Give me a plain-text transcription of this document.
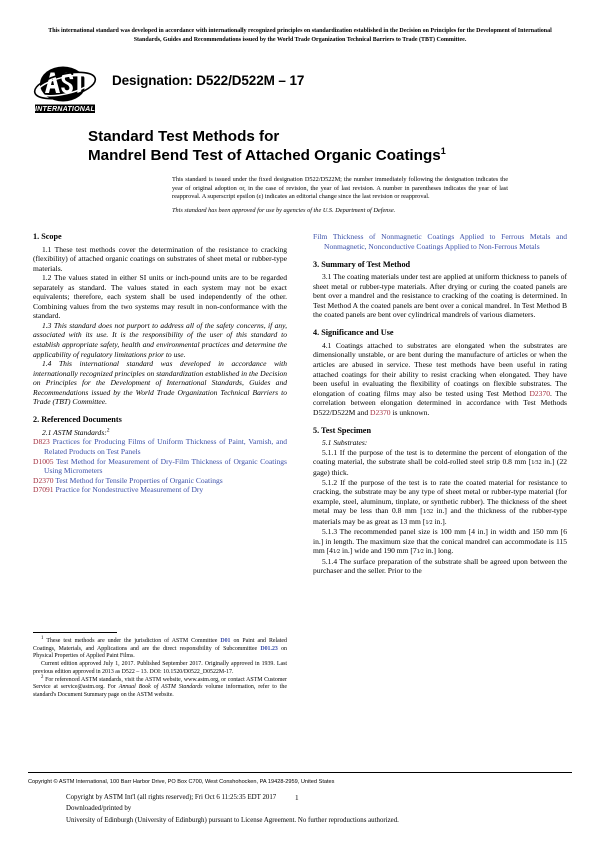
This international standard was developed in accordance with internationally recognized principles on standardization established in the Decision on Principles for the Development of International Standards, Guides and Recommendations issued by the World Trade Organization Technical Barriers to Trade (TBT) Committee.
INTERNATIONAL
Designation: D522/D522M – 17
Standard Test Methods for
Mandrel Bend Test of Attached Organic Coatings$^1$
This standard is issued under the fixed designation D522/D522M; the number immediately following the designation indicates the year of original adoption or, in the case of revision, the year of last revision. A number in parentheses indicates the year of last reapproval. A superscript epsilon (ε) indicates an editorial change since the last revision or reapproval.
This standard has been approved for use by agencies of the U.S. Department of Defense.
1. Scope

1.1 These test methods cover the determination of the resistance to cracking (flexibility) of attached organic coatings on substrates of sheet metal or rubber-type materials.

1.2 The values stated in either SI units or inch-pound units are to be regarded separately as standard. The values stated in each system may not be exact equivalents; therefore, each system shall be used independently of the other. Combining values from the two systems may result in non-conformance with the standard.

1.3 This standard does not purport to address all of the safety concerns, if any, associated with its use. It is the responsibility of the user of this standard to establish appropriate safety, health and environmental practices and determine the applicability of regulatory limitations prior to use.

1.4 This international standard was developed in accordance with internationally recognized principles on standardization established in the Decision on Principles for the Development of International Standards, Guides and Recommendations issued by the World Trade Organization Technical Barriers to Trade (TBT) Committee.

2. Referenced Documents

2.1 ASTM Standards:$^2$

D823 Practices for Producing Films of Uniform Thickness of Paint, Varnish, and Related Products on Test Panels

D1005 Test Method for Measurement of Dry-Film Thickness of Organic Coatings Using Micrometers

D2370 Test Method for Tensile Properties of Organic Coatings

D7091 Practice for Nondestructive Measurement of Dry

$^1$ These test methods are under the jurisdiction of ASTM Committee D01 on Paint and Related Coatings, Materials, and Applications and are the direct responsibility of Subcommittee D01.23 on Physical Properties of Applied Paint Films.

Current edition approved July 1, 2017. Published September 2017. Originally approved in 1939. Last previous edition approved in 2013 as D522 – 13. DOI: 10.1520/D0522_D0522M-17.

$^2$ For referenced ASTM standards, visit the ASTM website, www.astm.org, or contact ASTM Customer Service at service@astm.org. For Annual Book of ASTM Standards volume information, refer to the standard's Document Summary page on the ASTM website.

Film Thickness of Nonmagnetic Coatings Applied to Ferrous Metals and Nonmagnetic, Nonconductive Coatings Applied to Non-Ferrous Metals

3. Summary of Test Method

3.1 The coating materials under test are applied at uniform thickness to panels of sheet metal or rubber-type materials. After drying or curing the coated panels are bent over a mandrel and the resistance to cracking of the coating is determined. In Test Method A the coated panels are bent over a conical mandrel. In Test Method B the coated panels are bent over cylindrical mandrels of various diameters.

4. Significance and Use

4.1 Coatings attached to substrates are elongated when the substrates are dimensionally unstable, or are bent during the manufacture of articles or when the articles are abused in service. These test methods have been useful in rating attached coatings for their ability to resist cracking when elongated. They have been useful in evaluating the flexibility of coatings on flexible substrates. The elongation of coating films may also be tested using Test Method D2370. The correlation between elongation determined in accordance with Test Methods D522/D522M and D2370 is unknown.

5. Test Specimen

5.1 Substrates:

5.1.1 If the purpose of the test is to determine the percent of elongation of the coating material, the substrate shall be cold-rolled steel strip 0.8 mm [1⁄32 in.] (22 gage) thick.

5.1.2 If the purpose of the test is to rate the coated material for resistance to cracking, the substrate may be any type of sheet metal or rubber-type material (for example, steel, aluminum, tinplate, or synthetic rubber). The thickness of the sheet metal may be less than 0.8 mm [1⁄32 in.] and the thickness of the rubber-type materials may be as great as 13 mm [1⁄2 in.].

5.1.3 The recommended panel size is 100 mm [4 in.] in width and 150 mm [6 in.] in length. The maximum size that the conical mandrel can accommodate is 115 mm [41⁄2 in.] wide and 190 mm [71⁄2 in.] long.

5.1.4 The surface preparation of the substrate shall be agreed upon between the purchaser and the seller. Prior to the

Copyright © ASTM International, 100 Barr Harbor Drive, PO Box C700, West Conshohocken, PA 19428-2959, United States
Copyright by ASTM Int'l (all rights reserved); Fri Oct 6 11:25:35 EDT 2017
Downloaded/printed by
University of Edinburgh (University of Edinburgh) pursuant to License Agreement. No further reproductions authorized.
1
